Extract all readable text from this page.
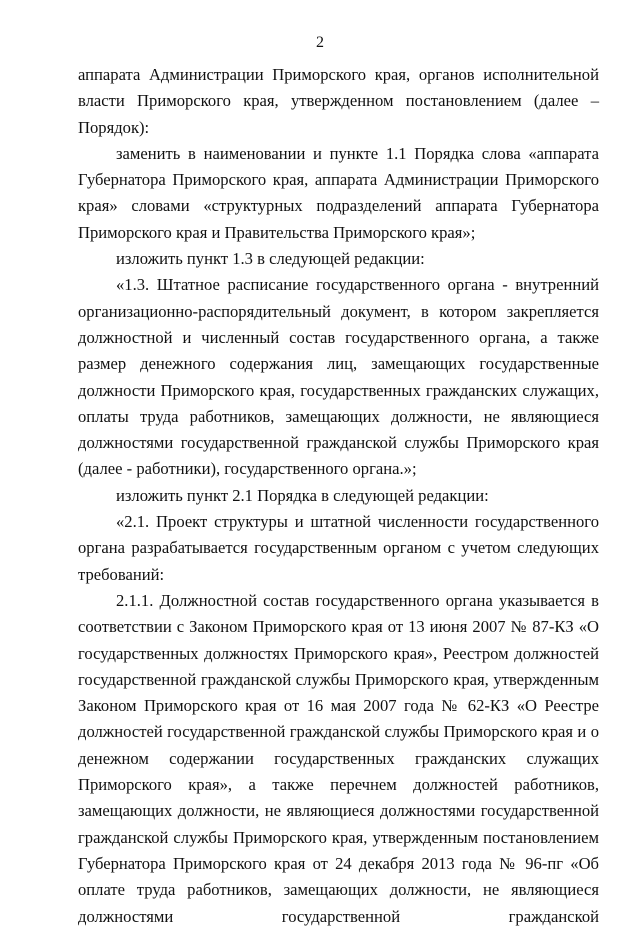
2

аппарата Администрации Приморского края, органов исполнительной власти Приморского края, утвержденном постановлением (далее – Порядок):

заменить в наименовании и пункте 1.1 Порядка слова «аппарата Губернатора Приморского края, аппарата Администрации Приморского края» словами «структурных подразделений аппарата Губернатора Приморского края и Правительства Приморского края»;

изложить пункт 1.3 в следующей редакции:

«1.3. Штатное расписание государственного органа - внутренний организационно-распорядительный документ, в котором закрепляется должностной и численный состав государственного органа, а также размер денежного содержания лиц, замещающих государственные должности Приморского края, государственных гражданских служащих, оплаты труда работников, замещающих должности, не являющиеся должностями государственной гражданской службы Приморского края (далее - работники), государственного органа.»;

изложить пункт 2.1 Порядка в следующей редакции:

«2.1. Проект структуры и штатной численности государственного органа разрабатывается государственным органом с учетом следующих требований:

2.1.1. Должностной состав государственного органа указывается в соответствии с Законом Приморского края от 13 июня 2007 № 87-КЗ «О государственных должностях Приморского края», Реестром должностей государственной гражданской службы Приморского края, утвержденным Законом Приморского края от 16 мая 2007 года № 62-КЗ «О Реестре должностей государственной гражданской службы Приморского края и о денежном содержании государственных гражданских служащих Приморского края», а также перечнем должностей работников, замещающих должности, не являющиеся должностями государственной гражданской службы Приморского края, утвержденным постановлением Губернатора Приморского края от 24 декабря 2013 года № 96-пг «Об оплате труда работников, замещающих должности, не являющиеся должностями государственной гражданской
